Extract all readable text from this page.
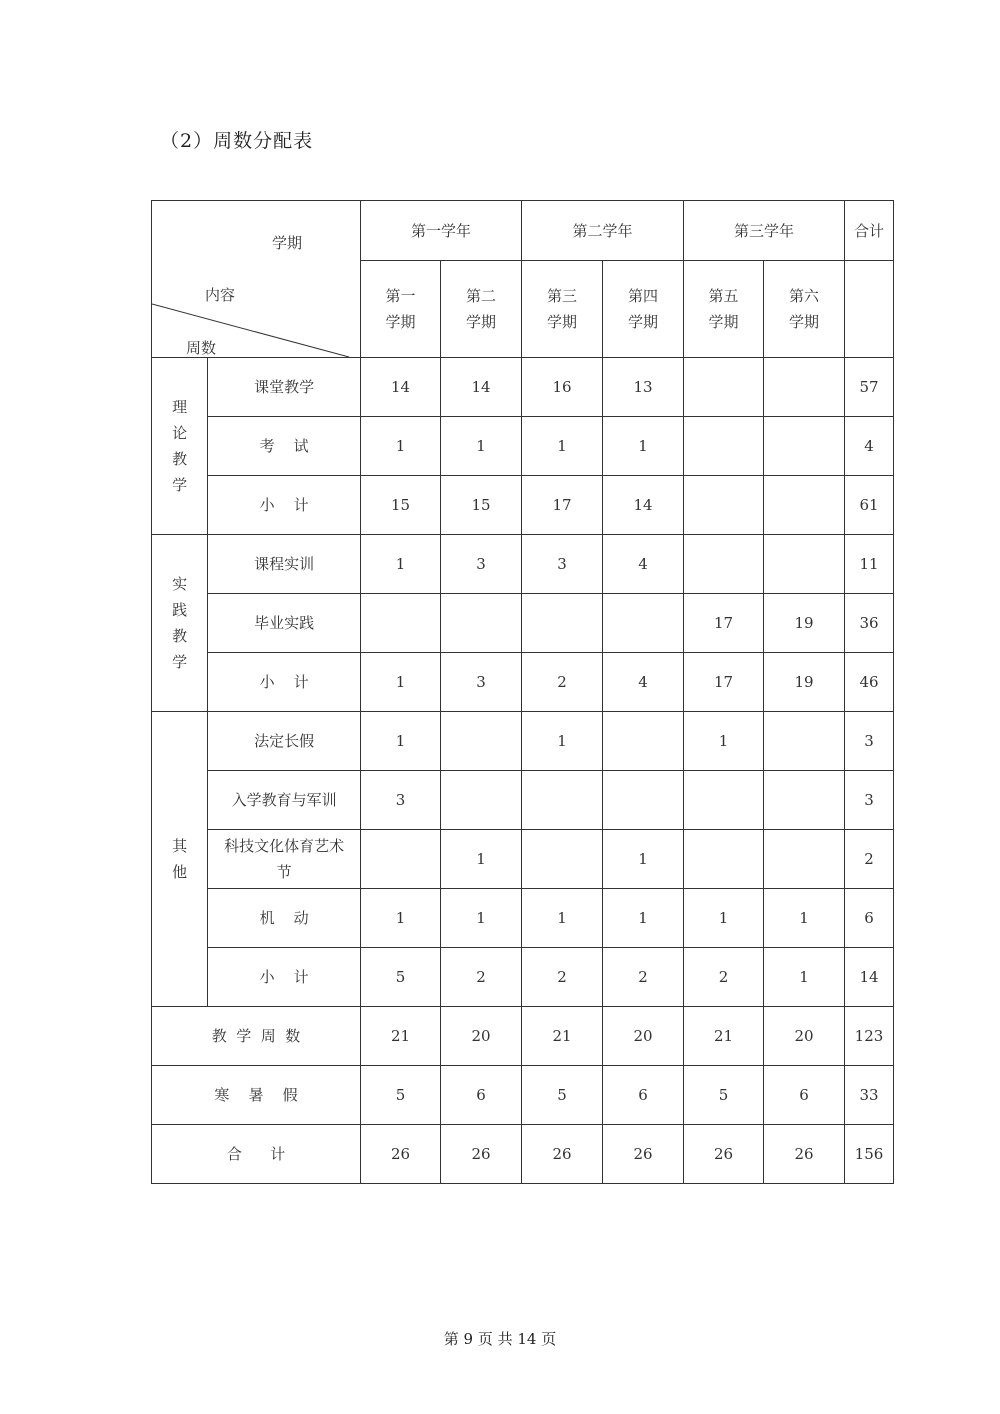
（2）周数分配表
学期
内容
周数		第一学年		第二学年		第三学年		合计

		第一学期	第二学期	第三学期	第四学期	第五学期	第六学期	

理论教学	课堂教学	14	14	16	13			57
	考    试	1	1	1	1			4
	小    计	15	15	17	14			61

实践教学	课程实训	1	3	3	4			11
	毕业实践					17	19	36
	小    计	1	3	2	4	17	19	46

其他	法定长假	1		1		1		3
	入学教育与军训	3						3
	科技文化体育艺术节		1		1			2
	机    动	1	1	1	1	1	1	6
	小    计	5	2	2	2	2	1	14
教  学  周  数		21	20	21	20	21	20	123
寒    暑    假		5	6	5	6	5	6	33
合      计		26	26	26	26	26	26	156
第 9 页 共 14 页
